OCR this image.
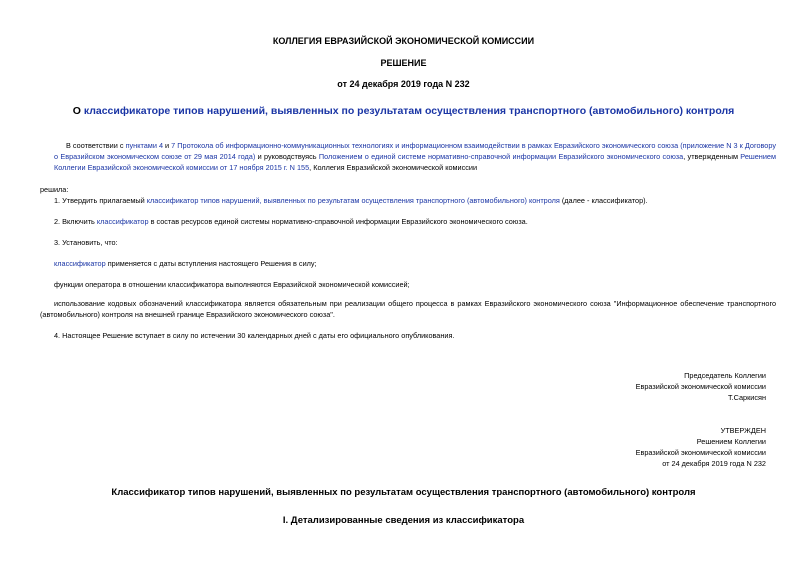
КОЛЛЕГИЯ ЕВРАЗИЙСКОЙ ЭКОНОМИЧЕСКОЙ КОМИССИИ
РЕШЕНИЕ
от 24 декабря 2019 года N 232
О классификаторе типов нарушений, выявленных по результатам осуществления транспортного (автомобильного) контроля
В соответствии с пунктами 4 и 7 Протокола об информационно-коммуникационных технологиях и информационном взаимодействии в рамках Евразийского экономического союза (приложение N 3 к Договору о Евразийском экономическом союзе от 29 мая 2014 года) и руководствуясь Положением о единой системе нормативно-справочной информации Евразийского экономического союза, утвержденным Решением Коллегии Евразийской экономической комиссии от 17 ноября 2015 г. N 155, Коллегия Евразийской экономической комиссии
решила:
1. Утвердить прилагаемый классификатор типов нарушений, выявленных по результатам осуществления транспортного (автомобильного) контроля (далее - классификатор).
2. Включить классификатор в состав ресурсов единой системы нормативно-справочной информации Евразийского экономического союза.
3. Установить, что:
классификатор применяется с даты вступления настоящего Решения в силу;
функции оператора в отношении классификатора выполняются Евразийской экономической комиссией;
использование кодовых обозначений классификатора является обязательным при реализации общего процесса в рамках Евразийского экономического союза "Информационное обеспечение транспортного (автомобильного) контроля на внешней границе Евразийского экономического союза".
4. Настоящее Решение вступает в силу по истечении 30 календарных дней с даты его официального опубликования.
Председатель Коллегии
Евразийской экономической комиссии
Т.Саркисян
УТВЕРЖДЕН
Решением Коллегии
Евразийской экономической комиссии
от 24 декабря 2019 года N 232
Классификатор типов нарушений, выявленных по результатам осуществления транспортного (автомобильного) контроля
I. Детализированные сведения из классификатора
